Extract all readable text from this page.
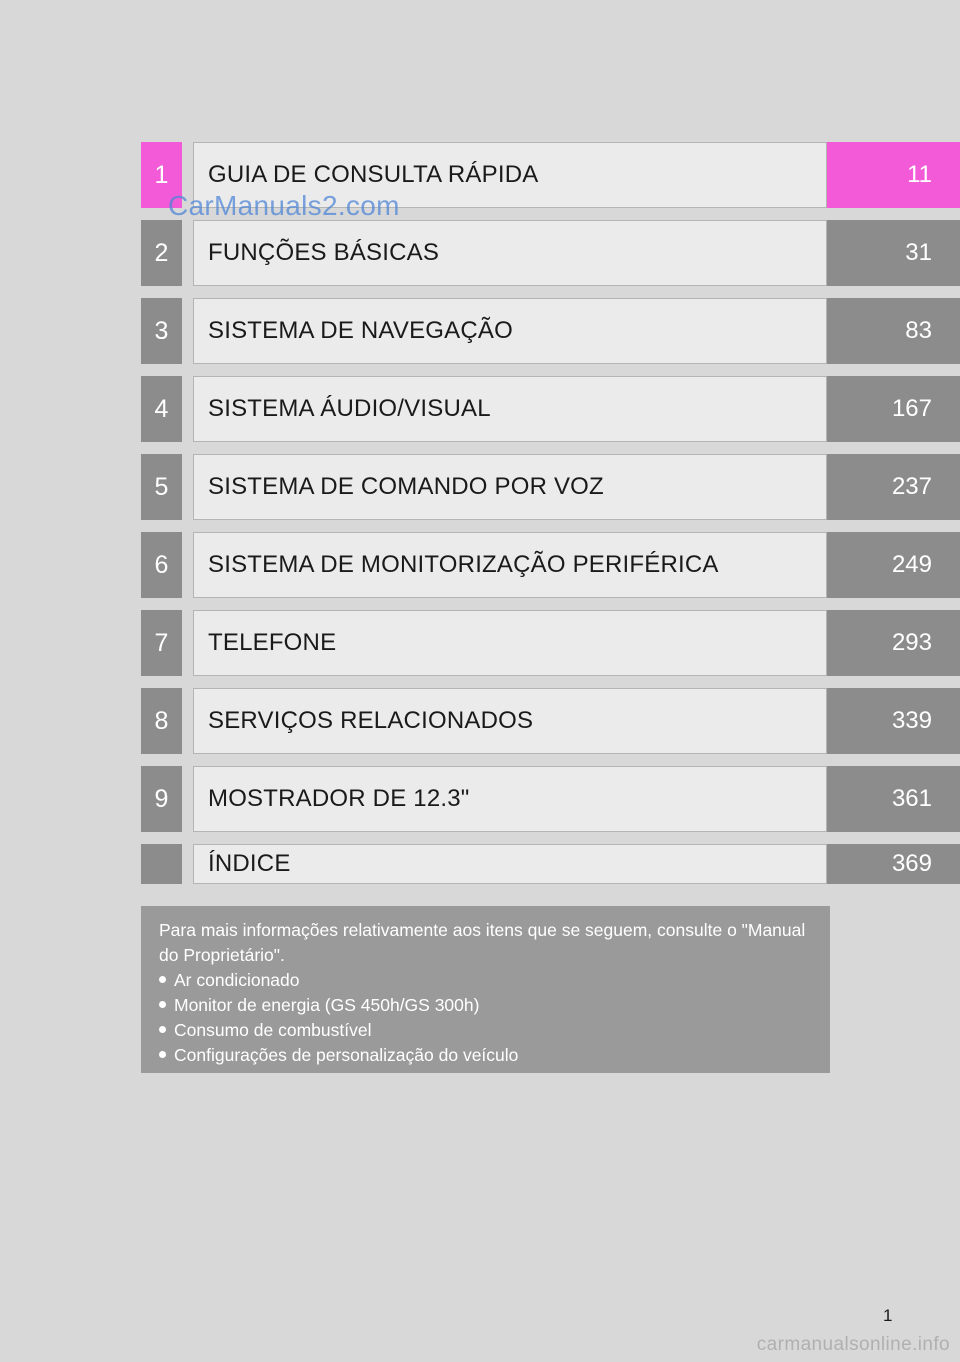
1	GUIA DE CONSULTA RÁPIDA	11
2	FUNÇÕES BÁSICAS	31
3	SISTEMA DE NAVEGAÇÃO	83
4	SISTEMA ÁUDIO/VISUAL	167
5	SISTEMA DE COMANDO POR VOZ	237
6	SISTEMA DE MONITORIZAÇÃO PERIFÉRICA	249
7	TELEFONE	293
8	SERVIÇOS RELACIONADOS	339
9	MOSTRADOR DE 12.3"	361
ÍNDICE	369
CarManuals2.com

Para mais informações relativamente aos itens que se seguem, consulte o "Manual do Proprietário".

Ar condicionado
Monitor de energia (GS 450h/GS 300h)
Consumo de combustível
Configurações de personalização do veículo
1
carmanualsonline.info
